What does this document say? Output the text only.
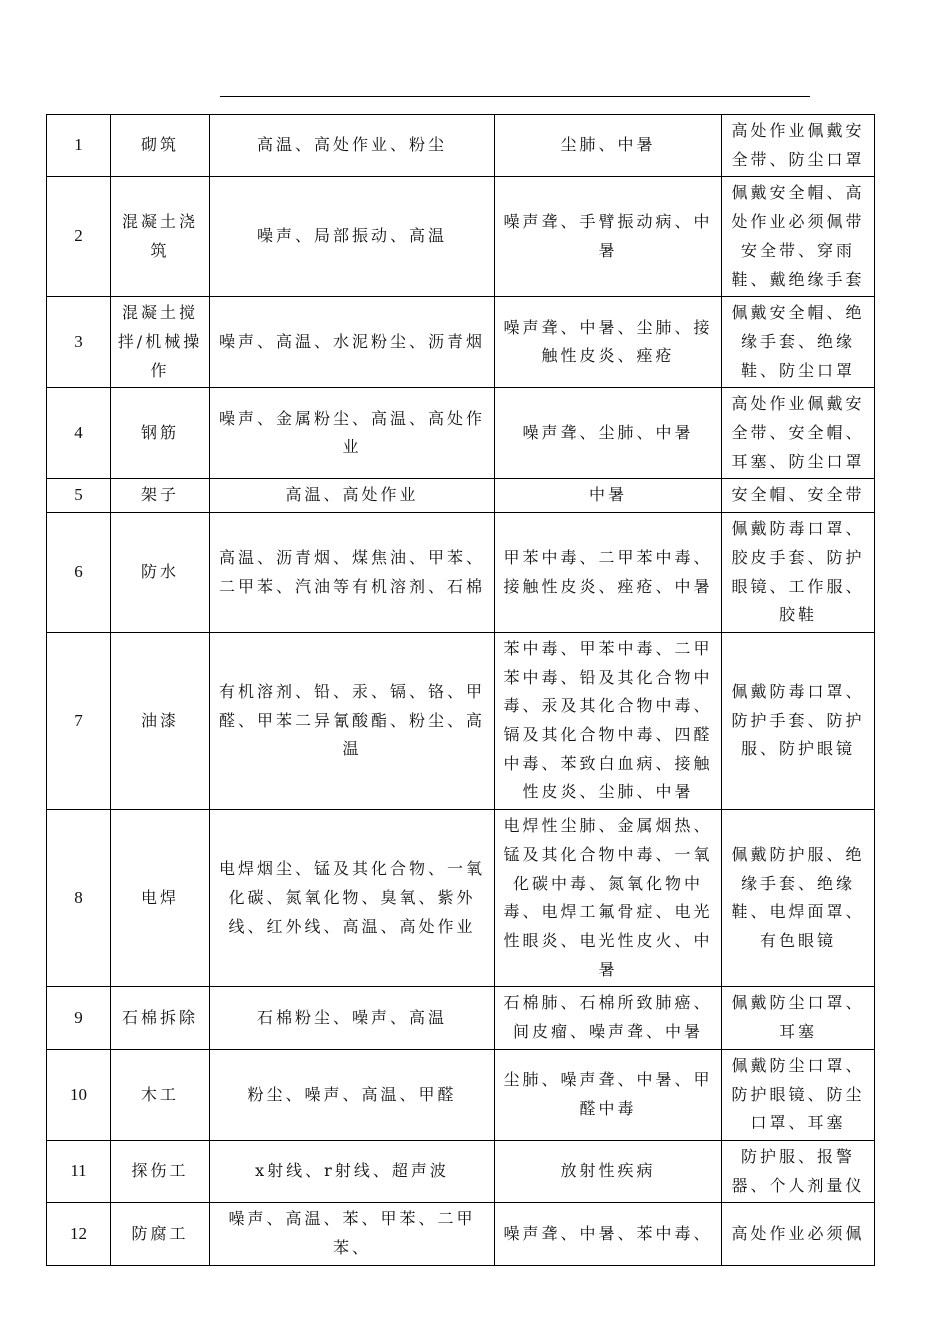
1	砌筑	高温、高处作业、粉尘	尘肺、中暑	高处作业佩戴安全带、防尘口罩
2	混凝土浇筑	噪声、局部振动、高温	噪声聋、手臂振动病、中暑	佩戴安全帽、高处作业必须佩带安全带、穿雨鞋、戴绝缘手套
3	混凝土搅拌/机械操作	噪声、高温、水泥粉尘、沥青烟	噪声聋、中暑、尘肺、接触性皮炎、痤疮	佩戴安全帽、绝缘手套、绝缘鞋、防尘口罩
4	钢筋	噪声、金属粉尘、高温、高处作业	噪声聋、尘肺、中暑	高处作业佩戴安全带、安全帽、耳塞、防尘口罩
5	架子	高温、高处作业	中暑	安全帽、安全带
6	防水	高温、沥青烟、煤焦油、甲苯、二甲苯、汽油等有机溶剂、石棉	甲苯中毒、二甲苯中毒、接触性皮炎、痤疮、中暑	佩戴防毒口罩、胶皮手套、防护眼镜、工作服、胶鞋
7	油漆	有机溶剂、铅、汞、镉、铬、甲醛、甲苯二异氰酸酯、粉尘、高温	苯中毒、甲苯中毒、二甲苯中毒、铅及其化合物中毒、汞及其化合物中毒、镉及其化合物中毒、四醛中毒、苯致白血病、接触性皮炎、尘肺、中暑	佩戴防毒口罩、防护手套、防护服、防护眼镜
8	电焊	电焊烟尘、锰及其化合物、一氧化碳、氮氧化物、臭氧、紫外线、红外线、高温、高处作业	电焊性尘肺、金属烟热、锰及其化合物中毒、一氧化碳中毒、氮氧化物中毒、电焊工氟骨症、电光性眼炎、电光性皮火、中暑	佩戴防护服、绝缘手套、绝缘鞋、电焊面罩、有色眼镜
9	石棉拆除	石棉粉尘、噪声、高温	石棉肺、石棉所致肺癌、间皮瘤、噪声聋、中暑	佩戴防尘口罩、耳塞
10	木工	粉尘、噪声、高温、甲醛	尘肺、噪声聋、中暑、甲醛中毒	佩戴防尘口罩、防护眼镜、防尘口罩、耳塞
11	探伤工	x射线、r射线、超声波	放射性疾病	防护服、报警器、个人剂量仪
12	防腐工	噪声、高温、苯、甲苯、二甲苯、	噪声聋、中暑、苯中毒、	高处作业必须佩
